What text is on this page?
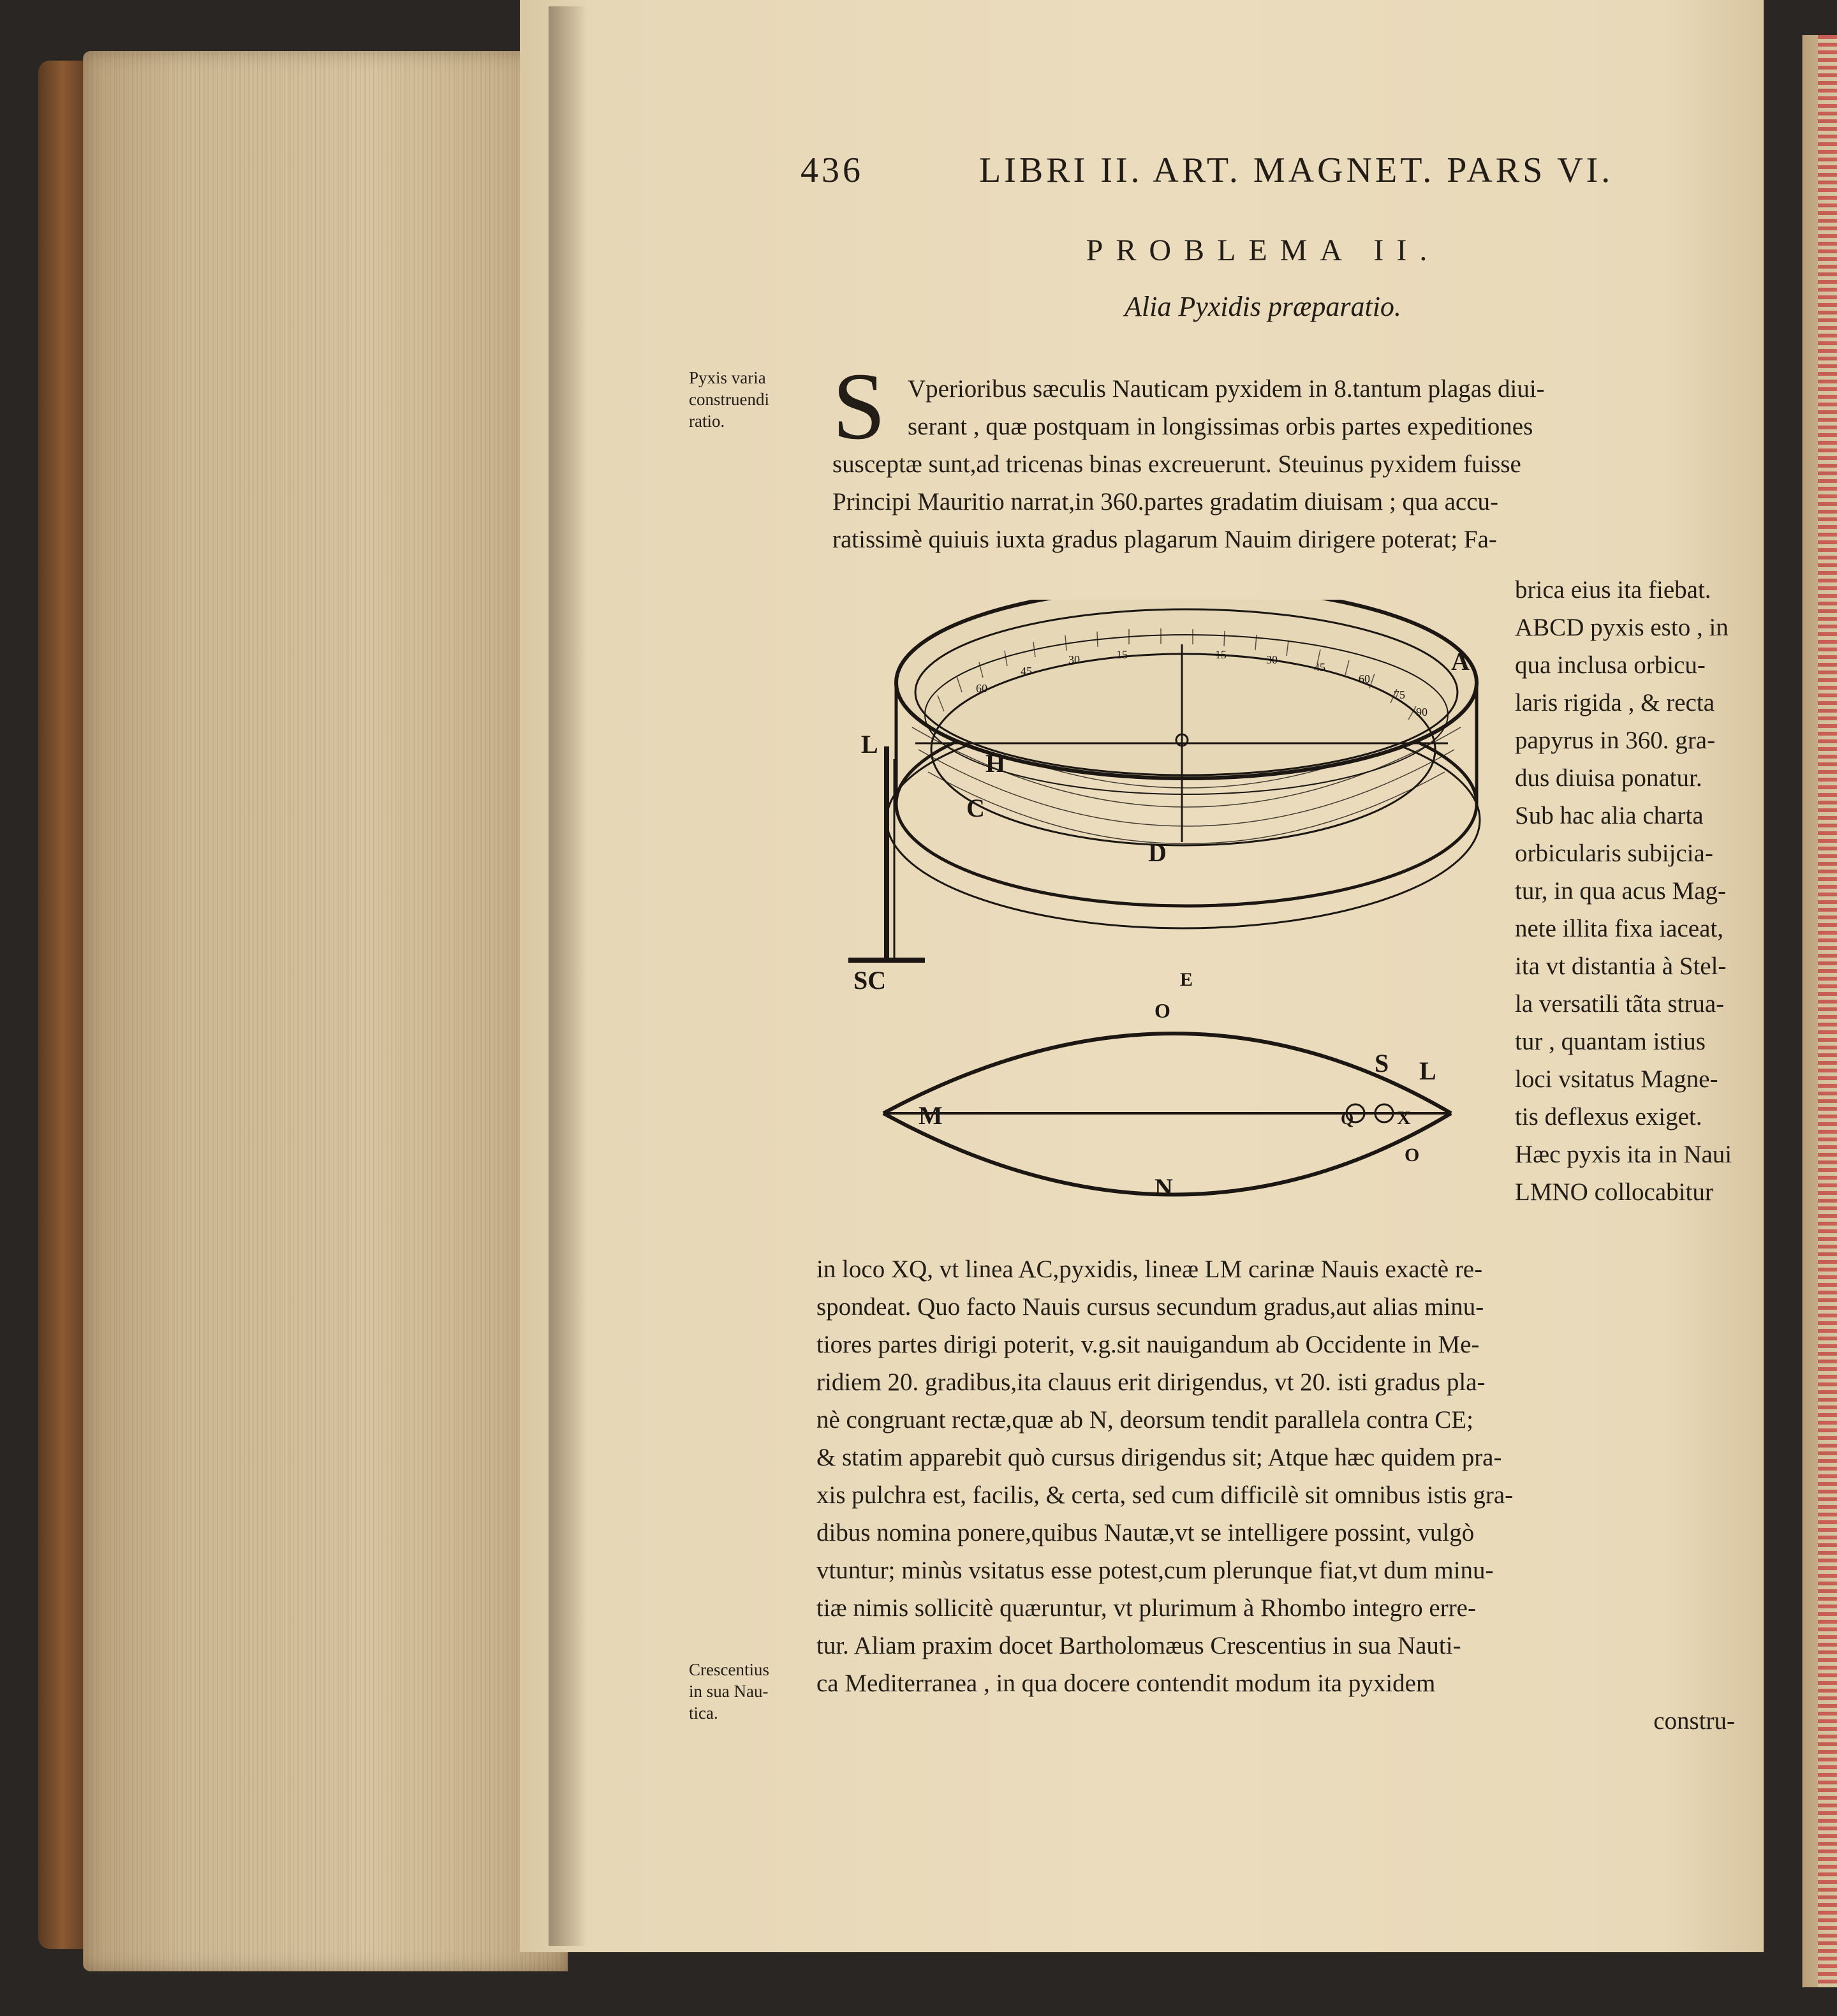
436	LIBRI II. ART. MAGNET. PARS VI.
PROBLEMA II.
Alia Pyxidis præparatio.
Pyxis varia
construendi
ratio.
Crescentius
in sua Nau-
tica.
S Vperioribus sæculis Nauticam pyxidem in 8.tantum plagas diui-
serant , quæ postquam in longissimas orbis partes expeditiones
susceptæ sunt,ad tricenas binas excreuerunt. Steuinus pyxidem fuisse
Principi Mauritio narrat,in 360.partes gradatim diuisam ; qua accu-
ratissimè quiuis iuxta gradus plagarum Nauim dirigere poterat; Fa-
brica eius ita fiebat.
ABCD pyxis esto , in
qua inclusa orbicu-
laris rigida , & recta
papyrus in 360. gra-
dus diuisa ponatur.
Sub hac alia charta
orbicularis subijcia-
tur, in qua acus Mag-
nete illita fixa iaceat,
ita vt distantia à Stel-
la versatili tãta strua-
tur , quantam istius
loci vsitatus Magne-
tis deflexus exiget.
Hæc pyxis ita in Naui
LMNO collocabitur
in loco XQ, vt linea AC,pyxidis, lineæ LM carinæ Nauis exactè re-
spondeat. Quo facto Nauis cursus secundum gradus,aut alias minu-
tiores partes dirigi poterit, v.g.sit nauigandum ab Occidente in Me-
ridiem 20. gradibus,ita clauus erit dirigendus, vt 20. isti gradus pla-
nè congruant rectæ,quæ ab N, deorsum tendit parallela contra CE;
& statim apparebit quò cursus dirigendus sit; Atque hæc quidem pra-
xis pulchra est, facilis, & certa, sed cum difficilè sit omnibus istis gra-
dibus nomina ponere,quibus Nautæ,vt se intelligere possint, vulgò
vtuntur; minùs vsitatus esse potest,cum plerunque fiat,vt dum minu-
tiæ nimis sollicitè quæruntur, vt plurimum à Rhombo integro erre-
tur. Aliam praxim docet Bartholomæus Crescentius in sua Nauti-
ca Mediterranea , in qua docere contendit modum ita pyxidem
constru-
15
30
45
60
15	30
45
60
75
90
A
L
H
C
D
SC	E
O
M
N
Q X
S L
O
